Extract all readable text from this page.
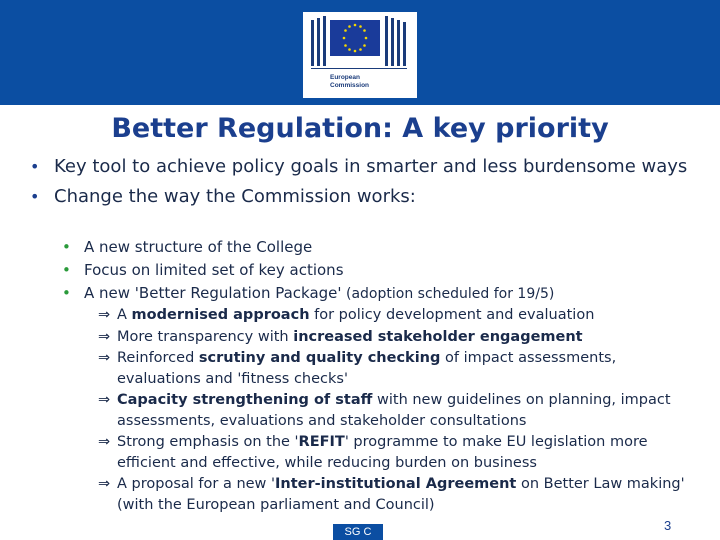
European
Commission
Better Regulation: A key priority
• Key tool to achieve policy goals in smarter and less burdensome ways
• Change the way the Commission works:
• A new structure of the College
• Focus on limited set of key actions
• A new 'Better Regulation Package' (adoption scheduled for 19/5)
⇒ A modernised approach for policy development and evaluation
⇒ More transparency with increased stakeholder engagement
⇒ Reinforced scrutiny and quality checking of impact assessments, evaluations and 'fitness checks'
⇒ Capacity strengthening of staff with new guidelines on planning, impact assessments, evaluations and stakeholder consultations
⇒ Strong emphasis on the 'REFIT' programme to make EU legislation more efficient and effective, while reducing burden on business
⇒ A proposal for a new 'Inter-institutional Agreement on Better Law making' (with the European parliament and Council)
SG C	3
